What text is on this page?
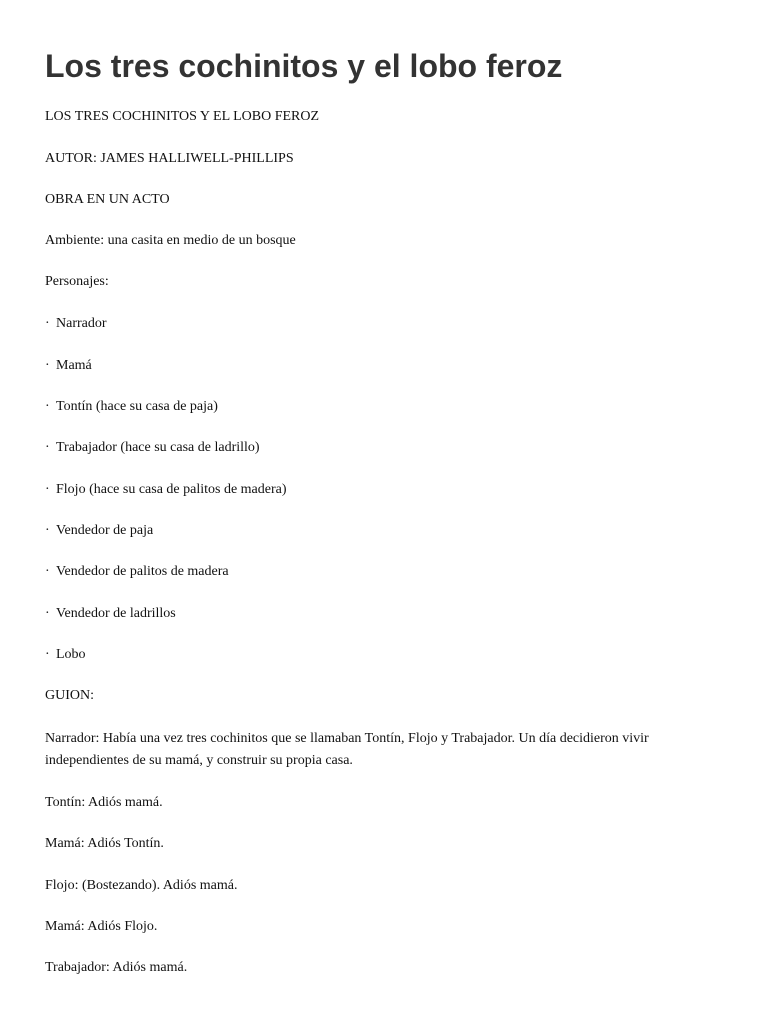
Los tres cochinitos y el lobo feroz

LOS TRES COCHINITOS Y EL LOBO FEROZ

AUTOR: JAMES HALLIWELL-PHILLIPS

OBRA EN UN ACTO

Ambiente: una casita en medio de un bosque

Personajes:

· Narrador

· Mamá

· Tontín (hace su casa de paja)

· Trabajador (hace su casa de ladrillo)

· Flojo (hace su casa de palitos de madera)

· Vendedor de paja

· Vendedor de palitos de madera

· Vendedor de ladrillos

· Lobo

GUION:

Narrador: Había una vez tres cochinitos que se llamaban Tontín, Flojo y Trabajador. Un día decidieron vivir independientes de su mamá, y construir su propia casa.

Tontín: Adiós mamá.

Mamá: Adiós Tontín.

Flojo: (Bostezando). Adiós mamá.

Mamá: Adiós Flojo.

Trabajador: Adiós mamá.
